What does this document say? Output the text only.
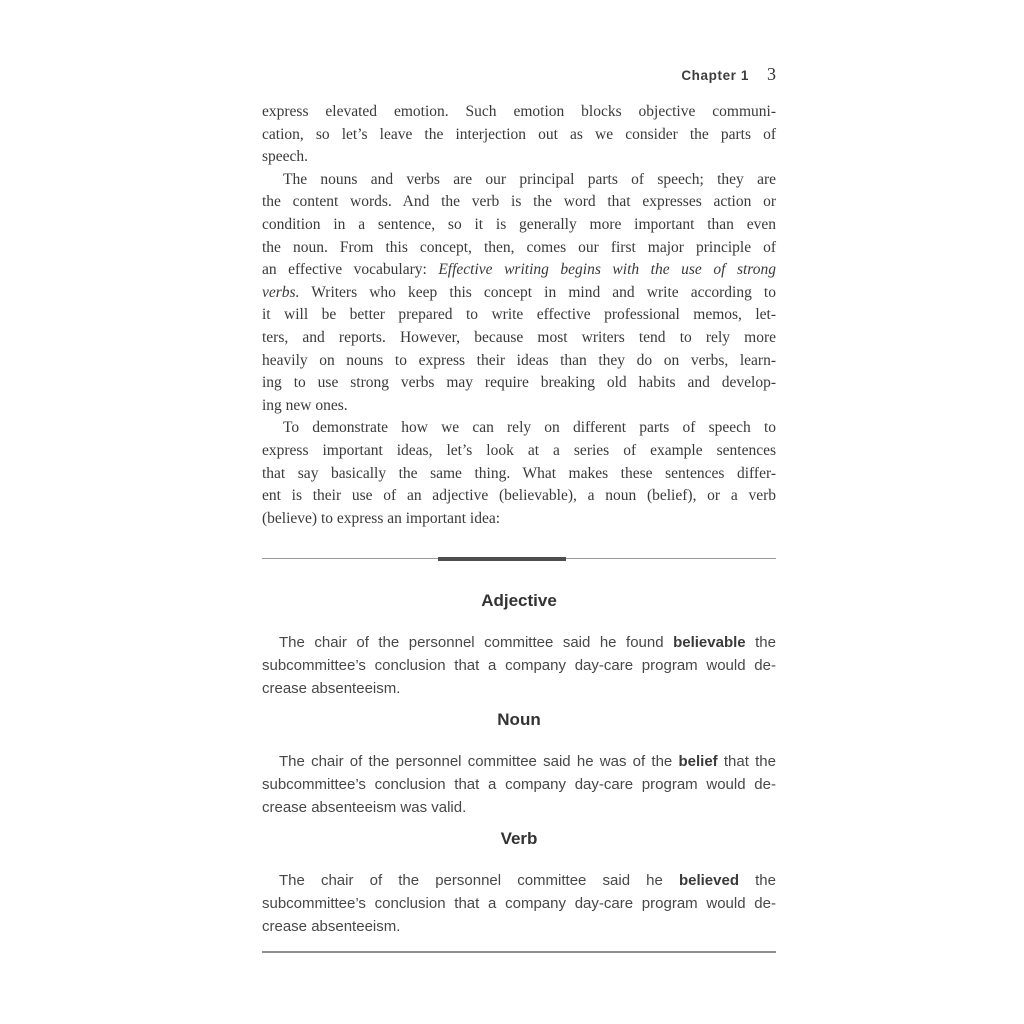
Chapter 1 3
express elevated emotion. Such emotion blocks objective communi-
cation, so let’s leave the interjection out as we consider the parts of
speech.
The nouns and verbs are our principal parts of speech; they are
the content words. And the verb is the word that expresses action or
condition in a sentence, so it is generally more important than even
the noun. From this concept, then, comes our first major principle of
an effective vocabulary: Effective writing begins with the use of strong
verbs. Writers who keep this concept in mind and write according to
it will be better prepared to write effective professional memos, let-
ters, and reports. However, because most writers tend to rely more
heavily on nouns to express their ideas than they do on verbs, learn-
ing to use strong verbs may require breaking old habits and develop-
ing new ones.
To demonstrate how we can rely on different parts of speech to
express important ideas, let’s look at a series of example sentences
that say basically the same thing. What makes these sentences differ-
ent is their use of an adjective (believable), a noun (belief), or a verb
(believe) to express an important idea:
Adjective
The chair of the personnel committee said he found believable the
subcommittee’s conclusion that a company day-care program would de-
crease absenteeism.
Noun
The chair of the personnel committee said he was of the belief that the
subcommittee’s conclusion that a company day-care program would de-
crease absenteeism was valid.
Verb
The chair of the personnel committee said he believed the
subcommittee’s conclusion that a company day-care program would de-
crease absenteeism.
